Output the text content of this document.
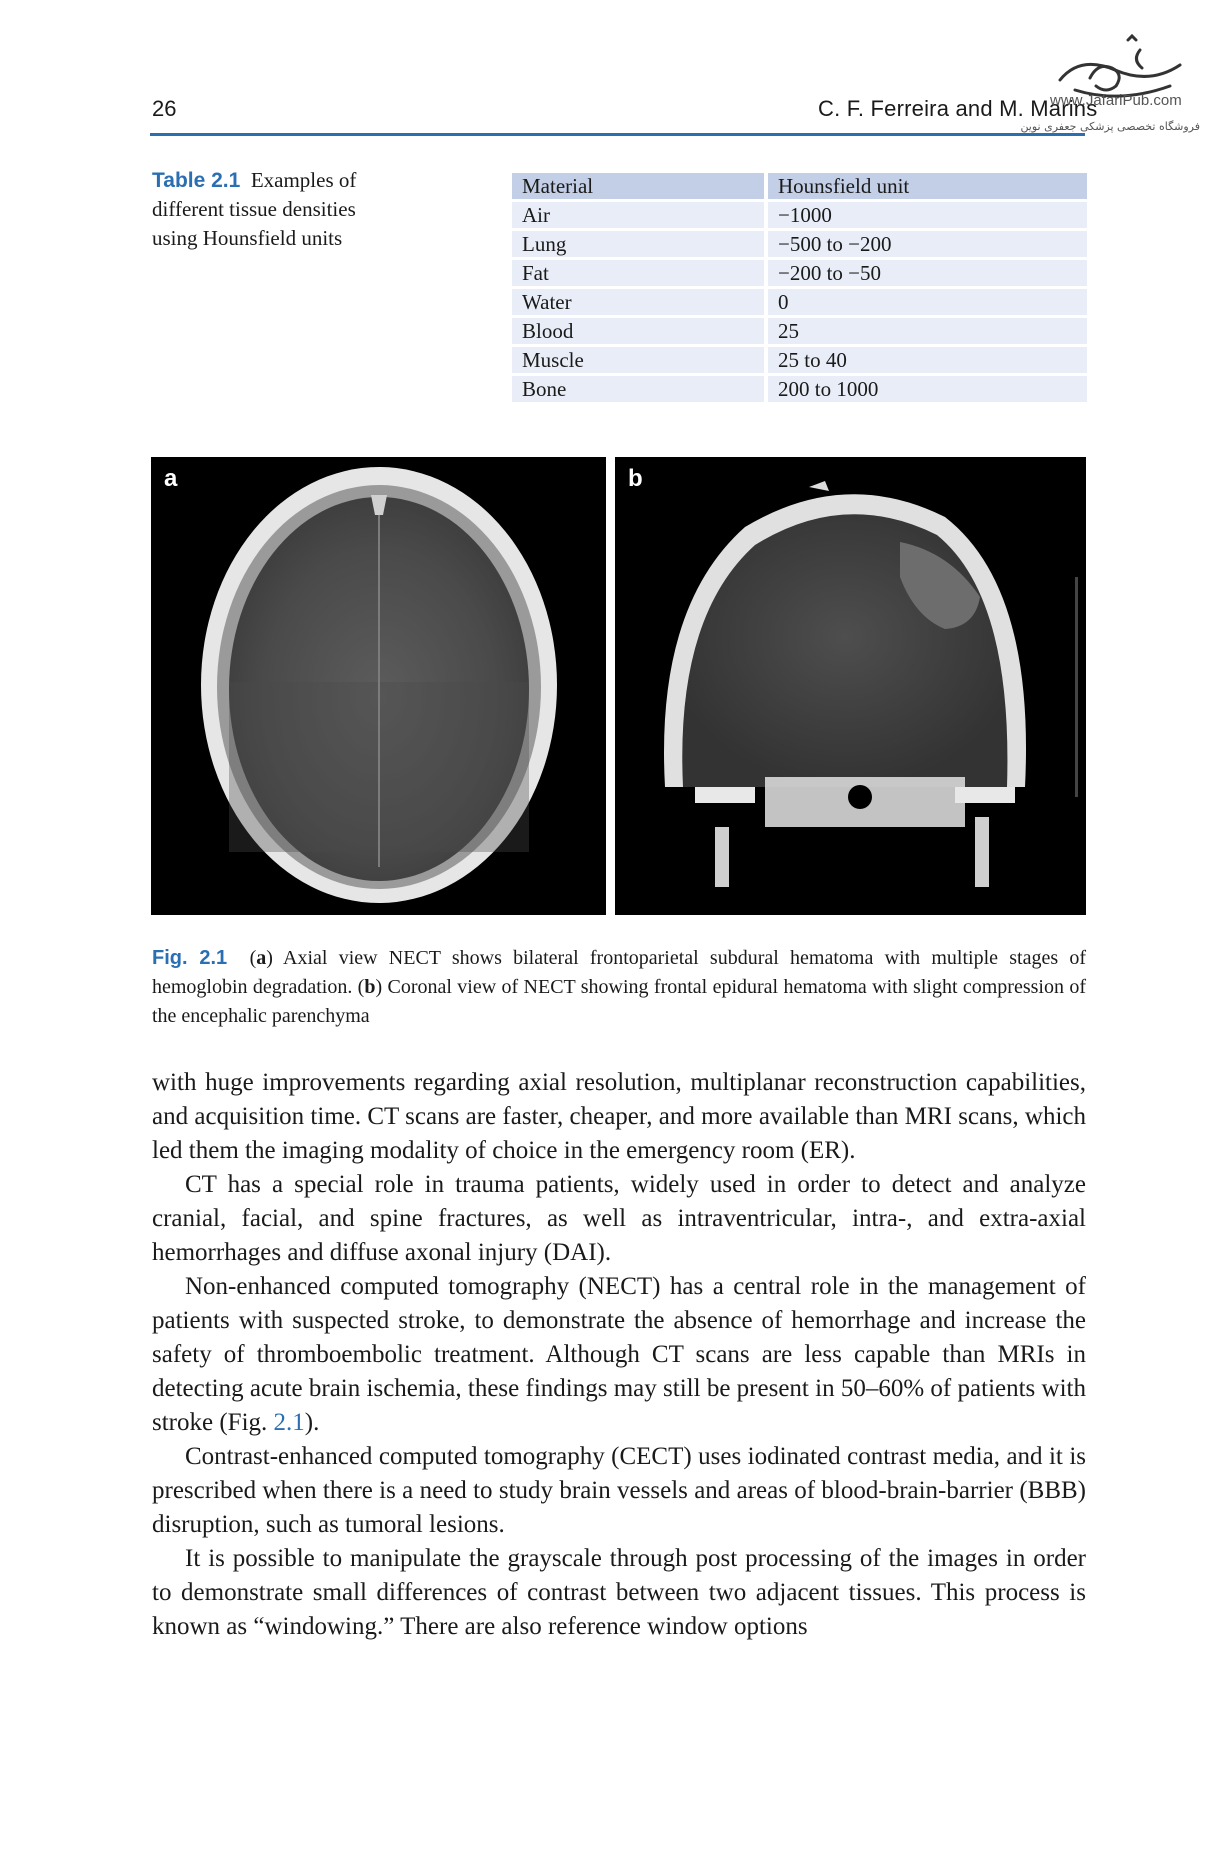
26	C. F. Ferreira and M. Marins
www.JafariPub.com
فروشگاه تخصصی پزشکی جعفری نوین
Table 2.1 Examples of different tissue densities using Hounsfield units
Material	Hounsfield unit
Air	−1000
Lung	−500 to −200
Fat	−200 to −50
Water	0
Blood	25
Muscle	25 to 40
Bone	200 to 1000
a	b
Fig. 2.1 (a) Axial view NECT shows bilateral frontoparietal subdural hematoma with multiple stages of hemoglobin degradation. (b) Coronal view of NECT showing frontal epidural hematoma with slight compression of the encephalic parenchyma

with huge improvements regarding axial resolution, multiplanar reconstruction capabilities, and acquisition time. CT scans are faster, cheaper, and more available than MRI scans, which led them the imaging modality of choice in the emergency room (ER).

CT has a special role in trauma patients, widely used in order to detect and analyze cranial, facial, and spine fractures, as well as intraventricular, intra-, and extra-axial hemorrhages and diffuse axonal injury (DAI).

Non-enhanced computed tomography (NECT) has a central role in the management of patients with suspected stroke, to demonstrate the absence of hemorrhage and increase the safety of thromboembolic treatment. Although CT scans are less capable than MRIs in detecting acute brain ischemia, these findings may still be present in 50–60% of patients with stroke (Fig. 2.1).

Contrast-enhanced computed tomography (CECT) uses iodinated contrast media, and it is prescribed when there is a need to study brain vessels and areas of blood-brain-barrier (BBB) disruption, such as tumoral lesions.

It is possible to manipulate the grayscale through post processing of the images in order to demonstrate small differences of contrast between two adjacent tissues. This process is known as “windowing.” There are also reference window options
